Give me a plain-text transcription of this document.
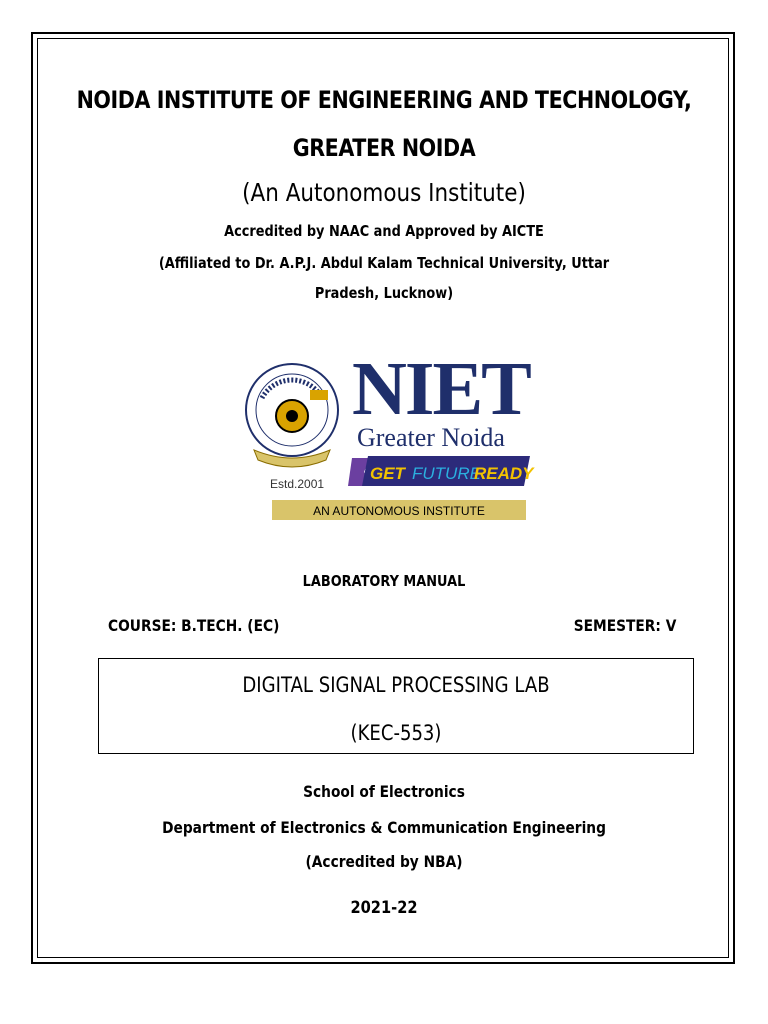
NOIDA INSTITUTE OF ENGINEERING AND TECHNOLOGY,
GREATER NOIDA
(An Autonomous Institute)
Accredited by NAAC and Approved by AICTE
(Affiliated to Dr. A.P.J. Abdul Kalam Technical University, Uttar
Pradesh, Lucknow)
Estd.2001
NIET
Greater Noida
GET FUTURE
READY
AN AUTONOMOUS INSTITUTE
LABORATORY MANUAL
COURSE: B.TECH. (EC)	SEMESTER: V
DIGITAL SIGNAL PROCESSING LAB
(KEC-553)
School of Electronics
Department of Electronics & Communication Engineering
(Accredited by NBA)
2021-22
